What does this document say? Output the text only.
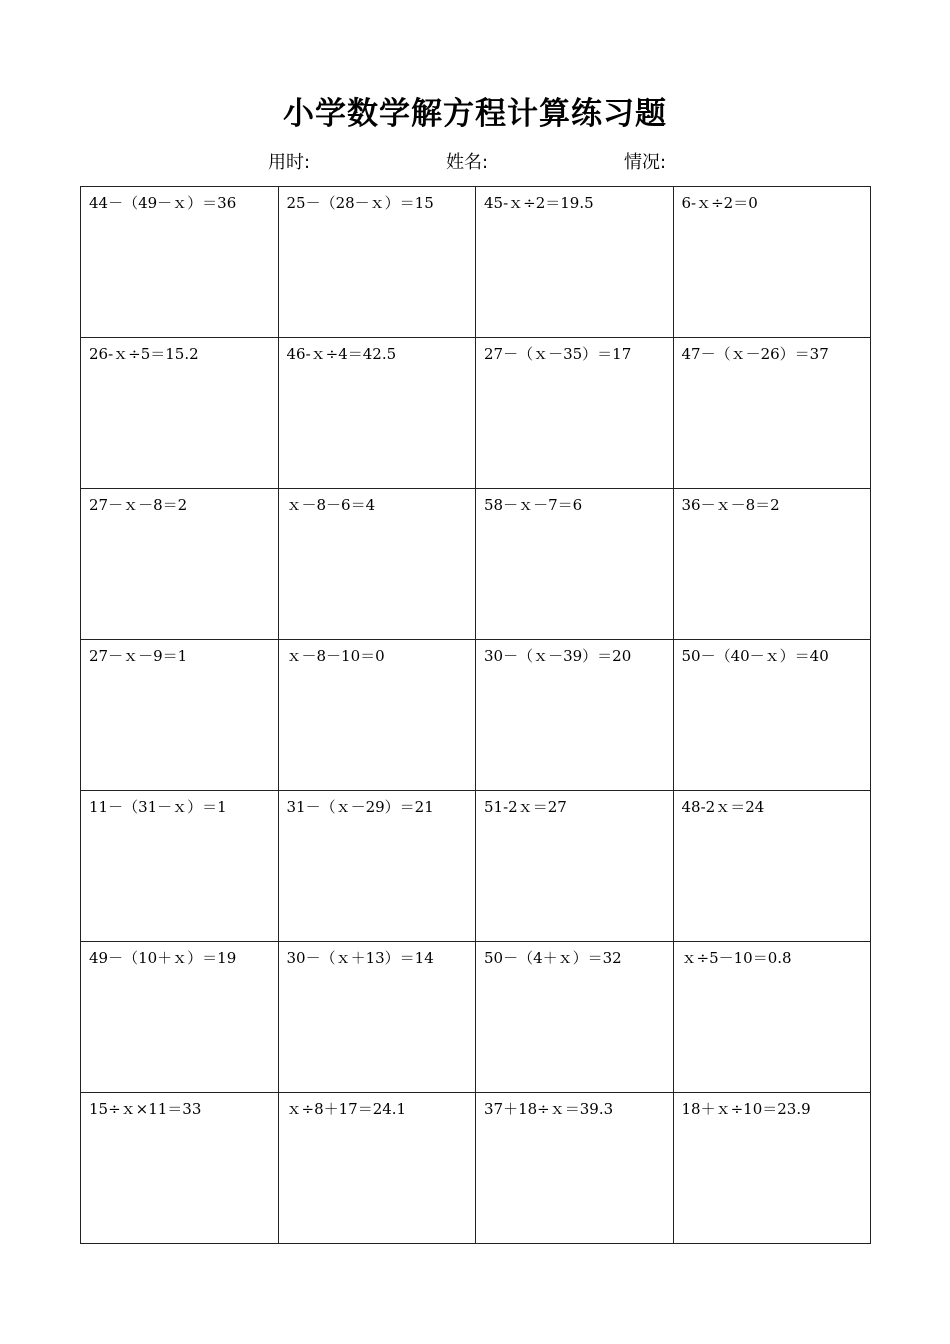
小学数学解方程计算练习题
用时:	姓名:	情况:
44－（49－ｘ）＝36	25－（28－ｘ）＝15	45-ｘ÷2＝19.5	6-ｘ÷2＝0

26-ｘ÷5＝15.2	46-ｘ÷4＝42.5	27－（ｘ－35）＝17	47－（ｘ－26）＝37

27－ｘ－8＝2	ｘ－8－6＝4	58－ｘ－7＝6	36－ｘ－8＝2

27－ｘ－9＝1	ｘ－8－10＝0	30－（ｘ－39）＝20	50－（40－ｘ）＝40

11－（31－ｘ）＝1	31－（ｘ－29）＝21	51-2ｘ＝27	48-2ｘ＝24

49－（10＋ｘ）＝19	30－（ｘ＋13）＝14	50－（4＋ｘ）＝32	ｘ÷5－10＝0.8

15÷ｘ×11＝33	ｘ÷8＋17＝24.1	37＋18÷ｘ＝39.3	18＋ｘ÷10＝23.9
